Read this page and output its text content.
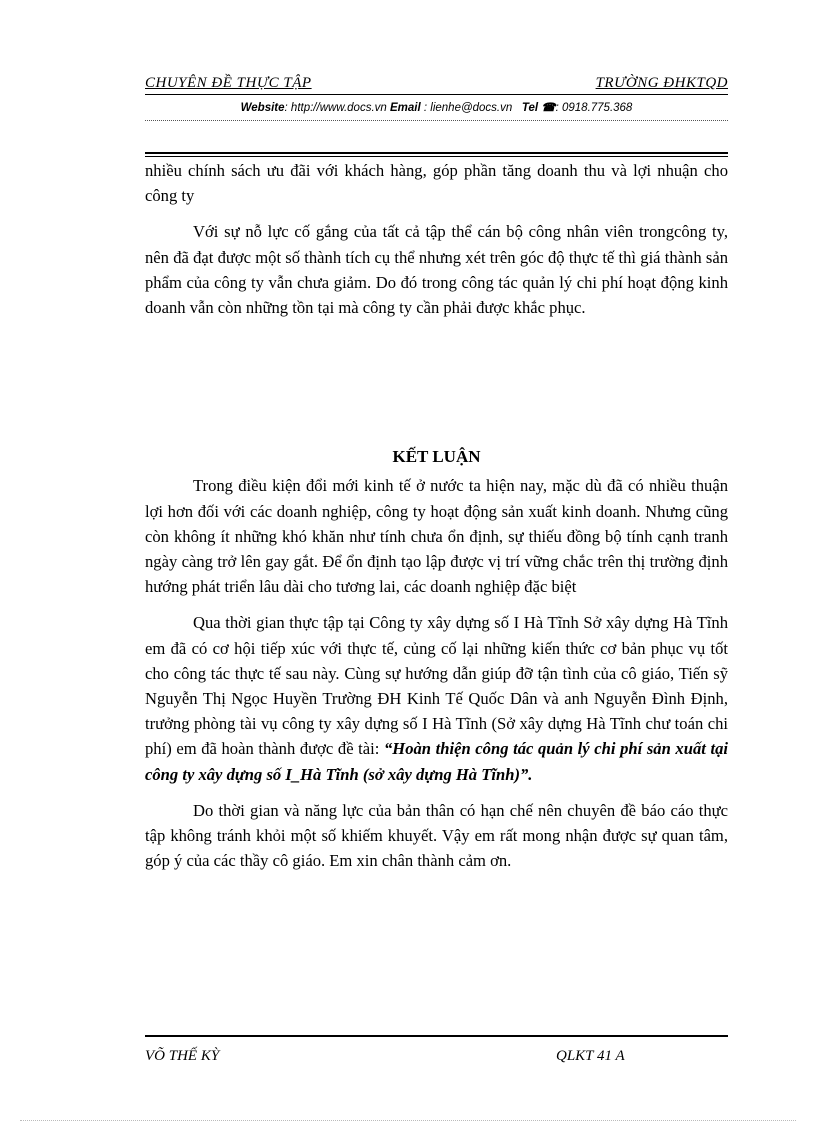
CHUYÊN ĐỀ THỰC TẬP	TRƯỜNG ĐHKTQD
Website: http://www.docs.vn Email : lienhe@docs.vn Tel ☎: 0918.775.368

nhiều chính sách ưu đãi với khách hàng, góp phần tăng doanh thu và lợi nhuận cho công ty

Với sự nỗ lực cố gắng của tất cả tập thể cán bộ công nhân viên trongcông ty, nên đã đạt được một số thành tích cụ thể nhưng xét trên góc độ thực tế thì giá thành sản phẩm của công ty vẫn chưa giảm. Do đó trong công tác quản lý chi phí hoạt động kinh doanh vẫn còn những tồn tại mà công ty cần phải được khắc phục.

KẾT LUẬN

Trong điều kiện đổi mới kinh tế ở nước ta hiện nay, mặc dù đã có nhiều thuận lợi hơn đối với các doanh nghiệp, công ty hoạt động sản xuất kinh doanh. Nhưng cũng còn không ít những khó khăn như tính chưa ổn định, sự thiếu đồng bộ tính cạnh tranh ngày càng trở lên gay gắt. Để ổn định tạo lập được vị trí vững chắc trên thị trường định hướng phát triển lâu dài cho tương lai, các doanh nghiệp đặc biệt

Qua thời gian thực tập tại Công ty xây dựng số I Hà Tĩnh Sở xây dựng Hà Tĩnh em đã có cơ hội tiếp xúc với thực tế, củng cố lại những kiến thức cơ bản phục vụ tốt cho công tác thực tế sau này. Cùng sự hướng dẫn giúp đỡ tận tình của cô giáo, Tiến sỹ Nguyễn Thị Ngọc Huyền Trường ĐH Kinh Tế Quốc Dân và anh Nguyễn Đình Định, trưởng phòng tài vụ công ty xây dựng số I Hà Tĩnh (Sở xây dựng Hà Tĩnh chư toán chi phí) em đã hoàn thành được đề tài: “Hoàn thiện công tác quản lý chi phí sản xuất tại công ty xây dựng số I_Hà Tĩnh (sở xây dựng Hà Tĩnh)”.

Do thời gian và năng lực của bản thân có hạn chế nên chuyên đề báo cáo thực tập không tránh khỏi một số khiếm khuyết. Vậy em rất mong nhận được sự quan tâm, góp ý của các thầy cô giáo. Em xin chân thành cảm ơn.

VÕ THẾ KỲ	QLKT 41 A
